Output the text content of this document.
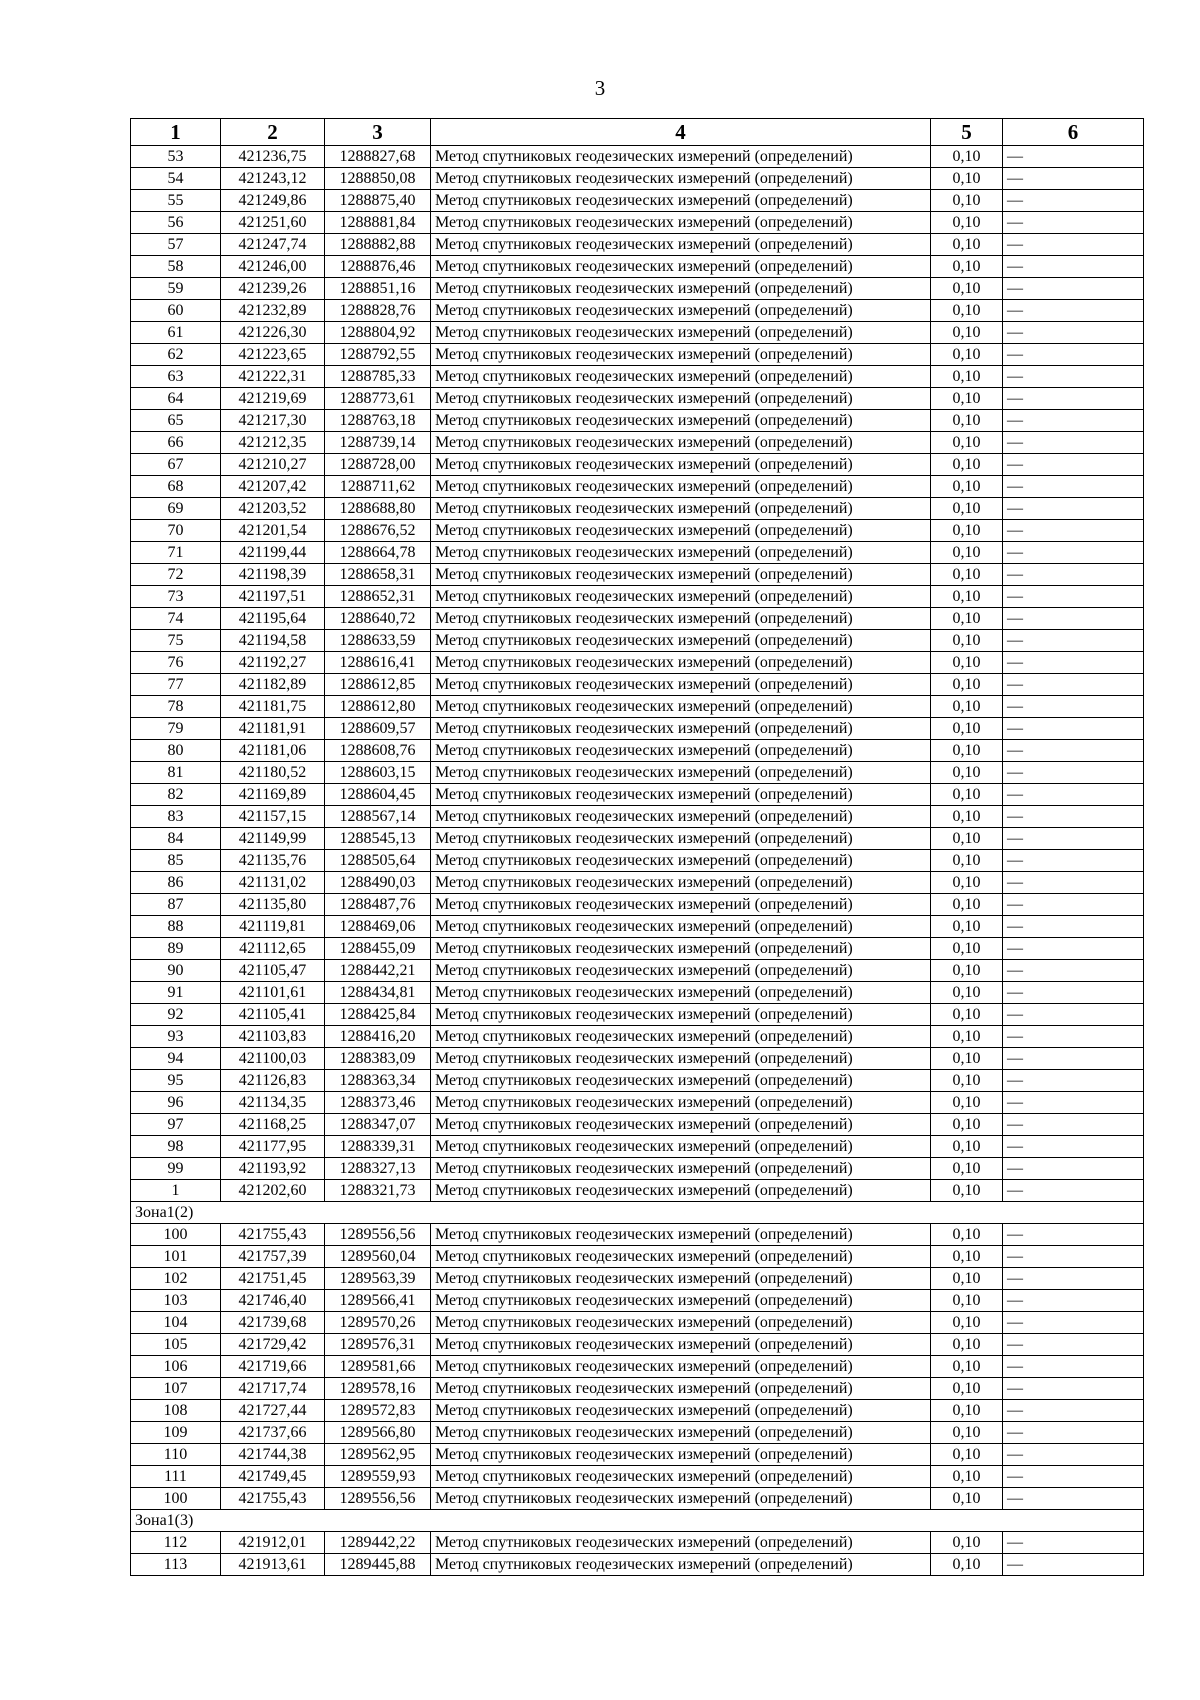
3
1	2	3	4	5	6
53	421236,75	1288827,68	Метод спутниковых геодезических измерений (определений)	0,10	—
54	421243,12	1288850,08	Метод спутниковых геодезических измерений (определений)	0,10	—
55	421249,86	1288875,40	Метод спутниковых геодезических измерений (определений)	0,10	—
56	421251,60	1288881,84	Метод спутниковых геодезических измерений (определений)	0,10	—
57	421247,74	1288882,88	Метод спутниковых геодезических измерений (определений)	0,10	—
58	421246,00	1288876,46	Метод спутниковых геодезических измерений (определений)	0,10	—
59	421239,26	1288851,16	Метод спутниковых геодезических измерений (определений)	0,10	—
60	421232,89	1288828,76	Метод спутниковых геодезических измерений (определений)	0,10	—
61	421226,30	1288804,92	Метод спутниковых геодезических измерений (определений)	0,10	—
62	421223,65	1288792,55	Метод спутниковых геодезических измерений (определений)	0,10	—
63	421222,31	1288785,33	Метод спутниковых геодезических измерений (определений)	0,10	—
64	421219,69	1288773,61	Метод спутниковых геодезических измерений (определений)	0,10	—
65	421217,30	1288763,18	Метод спутниковых геодезических измерений (определений)	0,10	—
66	421212,35	1288739,14	Метод спутниковых геодезических измерений (определений)	0,10	—
67	421210,27	1288728,00	Метод спутниковых геодезических измерений (определений)	0,10	—
68	421207,42	1288711,62	Метод спутниковых геодезических измерений (определений)	0,10	—
69	421203,52	1288688,80	Метод спутниковых геодезических измерений (определений)	0,10	—
70	421201,54	1288676,52	Метод спутниковых геодезических измерений (определений)	0,10	—
71	421199,44	1288664,78	Метод спутниковых геодезических измерений (определений)	0,10	—
72	421198,39	1288658,31	Метод спутниковых геодезических измерений (определений)	0,10	—
73	421197,51	1288652,31	Метод спутниковых геодезических измерений (определений)	0,10	—
74	421195,64	1288640,72	Метод спутниковых геодезических измерений (определений)	0,10	—
75	421194,58	1288633,59	Метод спутниковых геодезических измерений (определений)	0,10	—
76	421192,27	1288616,41	Метод спутниковых геодезических измерений (определений)	0,10	—
77	421182,89	1288612,85	Метод спутниковых геодезических измерений (определений)	0,10	—
78	421181,75	1288612,80	Метод спутниковых геодезических измерений (определений)	0,10	—
79	421181,91	1288609,57	Метод спутниковых геодезических измерений (определений)	0,10	—
80	421181,06	1288608,76	Метод спутниковых геодезических измерений (определений)	0,10	—
81	421180,52	1288603,15	Метод спутниковых геодезических измерений (определений)	0,10	—
82	421169,89	1288604,45	Метод спутниковых геодезических измерений (определений)	0,10	—
83	421157,15	1288567,14	Метод спутниковых геодезических измерений (определений)	0,10	—
84	421149,99	1288545,13	Метод спутниковых геодезических измерений (определений)	0,10	—
85	421135,76	1288505,64	Метод спутниковых геодезических измерений (определений)	0,10	—
86	421131,02	1288490,03	Метод спутниковых геодезических измерений (определений)	0,10	—
87	421135,80	1288487,76	Метод спутниковых геодезических измерений (определений)	0,10	—
88	421119,81	1288469,06	Метод спутниковых геодезических измерений (определений)	0,10	—
89	421112,65	1288455,09	Метод спутниковых геодезических измерений (определений)	0,10	—
90	421105,47	1288442,21	Метод спутниковых геодезических измерений (определений)	0,10	—
91	421101,61	1288434,81	Метод спутниковых геодезических измерений (определений)	0,10	—
92	421105,41	1288425,84	Метод спутниковых геодезических измерений (определений)	0,10	—
93	421103,83	1288416,20	Метод спутниковых геодезических измерений (определений)	0,10	—
94	421100,03	1288383,09	Метод спутниковых геодезических измерений (определений)	0,10	—
95	421126,83	1288363,34	Метод спутниковых геодезических измерений (определений)	0,10	—
96	421134,35	1288373,46	Метод спутниковых геодезических измерений (определений)	0,10	—
97	421168,25	1288347,07	Метод спутниковых геодезических измерений (определений)	0,10	—
98	421177,95	1288339,31	Метод спутниковых геодезических измерений (определений)	0,10	—
99	421193,92	1288327,13	Метод спутниковых геодезических измерений (определений)	0,10	—
1	421202,60	1288321,73	Метод спутниковых геодезических измерений (определений)	0,10	—
Зона1(2)					
100	421755,43	1289556,56	Метод спутниковых геодезических измерений (определений)	0,10	—
101	421757,39	1289560,04	Метод спутниковых геодезических измерений (определений)	0,10	—
102	421751,45	1289563,39	Метод спутниковых геодезических измерений (определений)	0,10	—
103	421746,40	1289566,41	Метод спутниковых геодезических измерений (определений)	0,10	—
104	421739,68	1289570,26	Метод спутниковых геодезических измерений (определений)	0,10	—
105	421729,42	1289576,31	Метод спутниковых геодезических измерений (определений)	0,10	—
106	421719,66	1289581,66	Метод спутниковых геодезических измерений (определений)	0,10	—
107	421717,74	1289578,16	Метод спутниковых геодезических измерений (определений)	0,10	—
108	421727,44	1289572,83	Метод спутниковых геодезических измерений (определений)	0,10	—
109	421737,66	1289566,80	Метод спутниковых геодезических измерений (определений)	0,10	—
110	421744,38	1289562,95	Метод спутниковых геодезических измерений (определений)	0,10	—
111	421749,45	1289559,93	Метод спутниковых геодезических измерений (определений)	0,10	—
100	421755,43	1289556,56	Метод спутниковых геодезических измерений (определений)	0,10	—
Зона1(3)					
112	421912,01	1289442,22	Метод спутниковых геодезических измерений (определений)	0,10	—
113	421913,61	1289445,88	Метод спутниковых геодезических измерений (определений)	0,10	—
